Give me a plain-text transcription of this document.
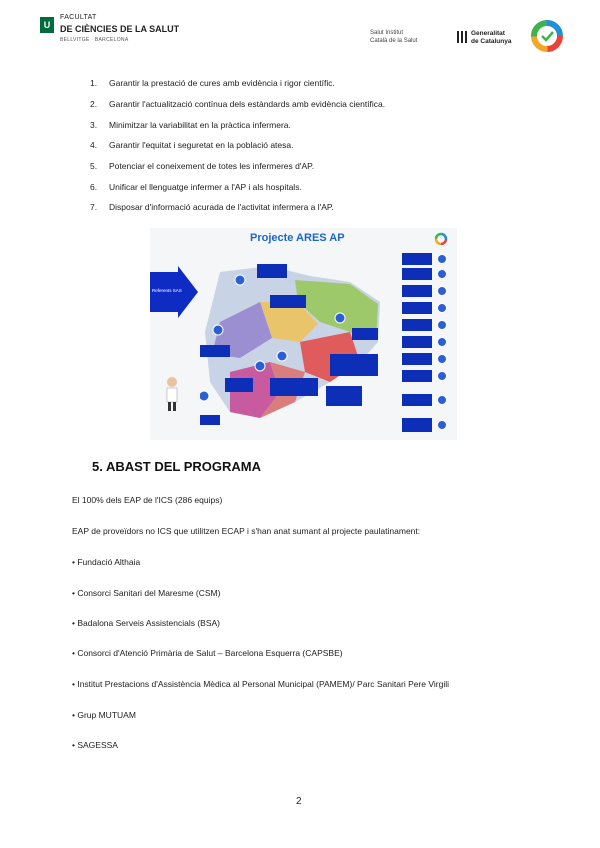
U
FACULTAT
DE CIÈNCIES DE LA SALUT
BELLVITGE · BARCELONA
Salut Institut
Català de la Salut
Generalitat
de Catalunya
1.	Garantir la prestació de cures amb evidència i rigor científic.
2.	Garantir l'actualització contínua dels estàndards amb evidència científica.
3.	Minimitzar la variabilitat en la pràctica infermera.
4.	Garantir l'equitat i seguretat en la població atesa.
5.	Potenciar el coneixement de totes les infermeres d'AP.
6.	Unificar el llenguatge infermer a l'AP i als hospitals.
7.	Disposar d'informació acurada de l'activitat infermera a l'AP.
Projecte ARES AP
Referents SAS
5. ABAST DEL PROGRAMA
El 100% dels EAP de l'ICS (286 equips)
EAP de proveïdors no ICS que utilitzen ECAP i s'han anat sumant al projecte paulatinament:
• Fundació Althaia
• Consorci Sanitari del Maresme (CSM)
• Badalona Serveis Assistencials (BSA)
• Consorci d'Atenció Primària de Salut – Barcelona Esquerra (CAPSBE)
• Institut Prestacions d'Assistència Mèdica al Personal Municipal (PAMEM)/ Parc Sanitari Pere Virgili
• Grup MUTUAM
• SAGESSA
2
